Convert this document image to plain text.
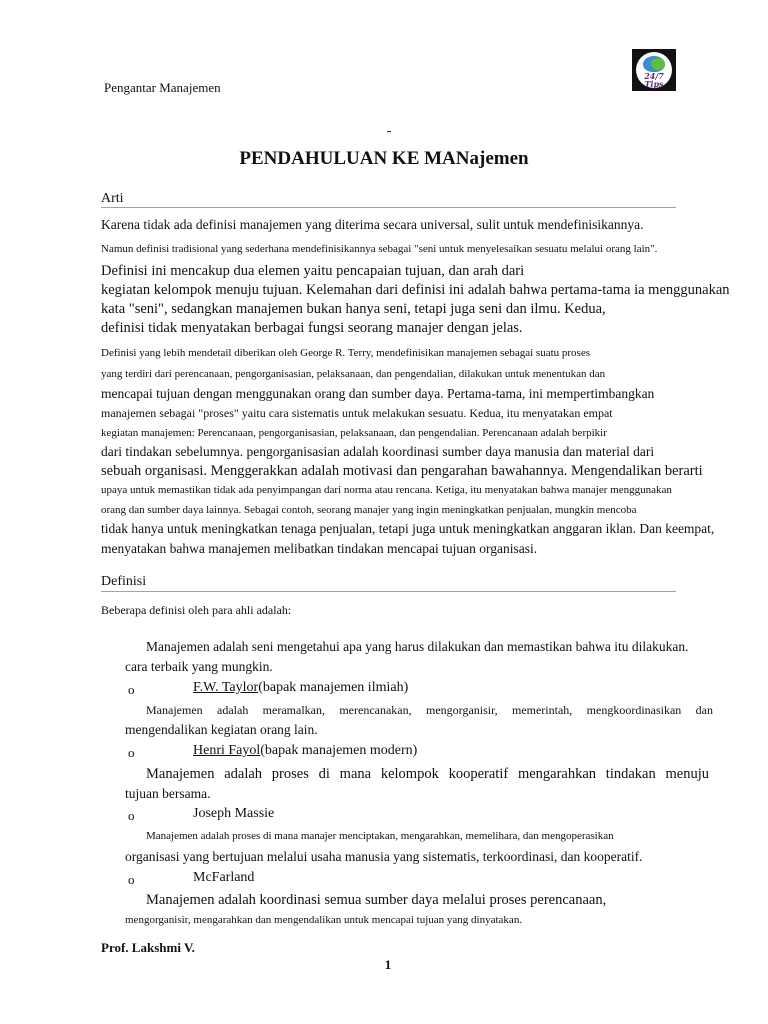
Pengantar Manajemen
24/7
Tips
PENDAHULUAN KE MANajemen
Arti
Karena tidak ada definisi manajemen yang diterima secara universal, sulit untuk mendefinisikannya.
Namun definisi tradisional yang sederhana mendefinisikannya sebagai "seni untuk menyelesaikan sesuatu melalui orang lain".
Definisi ini mencakup dua elemen yaitu pencapaian tujuan, dan arah dari
kegiatan kelompok menuju tujuan. Kelemahan dari definisi ini adalah bahwa pertama-tama ia menggunakan
kata "seni", sedangkan manajemen bukan hanya seni, tetapi juga seni dan ilmu. Kedua,
definisi tidak menyatakan berbagai fungsi seorang manajer dengan jelas.
Definisi yang lebih mendetail diberikan oleh George R. Terry, mendefinisikan manajemen sebagai suatu proses
yang terdiri dari perencanaan, pengorganisasian, pelaksanaan, dan pengendalian, dilakukan untuk menentukan dan
mencapai tujuan dengan menggunakan orang dan sumber daya. Pertama-tama, ini mempertimbangkan
manajemen sebagai "proses" yaitu cara sistematis untuk melakukan sesuatu. Kedua, itu menyatakan empat
kegiatan manajemen: Perencanaan, pengorganisasian, pelaksanaan, dan pengendalian. Perencanaan adalah berpikir
dari tindakan sebelumnya. pengorganisasian adalah koordinasi sumber daya manusia dan material dari
sebuah organisasi. Menggerakkan adalah motivasi dan pengarahan bawahannya. Mengendalikan berarti
upaya untuk memastikan tidak ada penyimpangan dari norma atau rencana. Ketiga, itu menyatakan bahwa manajer menggunakan
orang dan sumber daya lainnya. Sebagai contoh, seorang manajer yang ingin meningkatkan penjualan, mungkin mencoba
tidak hanya untuk meningkatkan tenaga penjualan, tetapi juga untuk meningkatkan anggaran iklan. Dan keempat,
menyatakan bahwa manajemen melibatkan tindakan mencapai tujuan organisasi.
Definisi
Beberapa definisi oleh para ahli adalah:
Manajemen adalah seni mengetahui apa yang harus dilakukan dan memastikan bahwa itu dilakukan.
cara terbaik yang mungkin.
o	F.W. Taylor(bapak manajemen ilmiah)
Manajemen adalah meramalkan, merencanakan, mengorganisir, memerintah, mengkoordinasikan dan
mengendalikan kegiatan orang lain.
o	Henri Fayol(bapak manajemen modern)
Manajemen adalah proses di mana kelompok kooperatif mengarahkan tindakan menuju
tujuan bersama.
o	Joseph Massie
Manajemen adalah proses di mana manajer menciptakan, mengarahkan, memelihara, dan mengoperasikan
organisasi yang bertujuan melalui usaha manusia yang sistematis, terkoordinasi, dan kooperatif.
o	McFarland
Manajemen adalah koordinasi semua sumber daya melalui proses perencanaan,
mengorganisir, mengarahkan dan mengendalikan untuk mencapai tujuan yang dinyatakan.
Prof. Lakshmi V.
1
